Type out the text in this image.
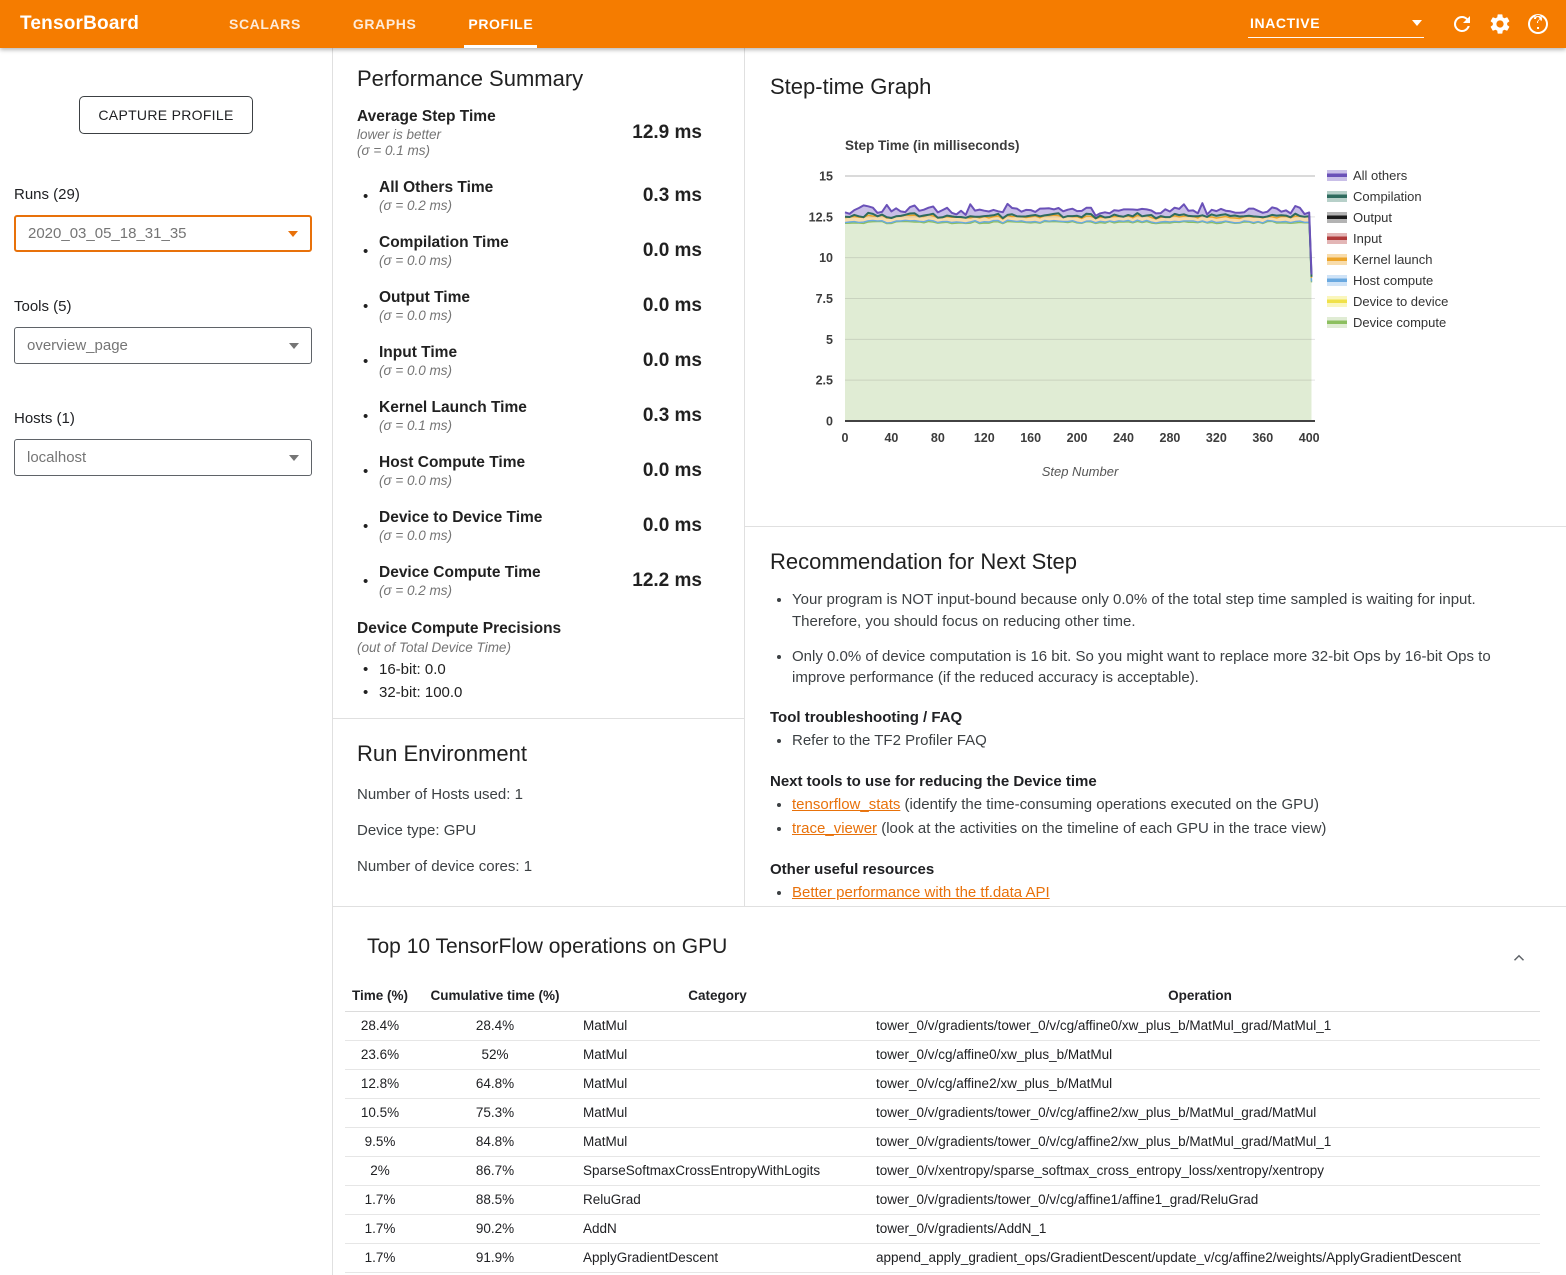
TensorBoard	SCALARS	GRAPHS	PROFILE	INACTIVE
CAPTURE PROFILE
Runs (29)
2020_03_05_18_31_35
Tools (5)
overview_page
Hosts (1)
localhost
Performance Summary
Average Step Time
lower is better
(σ = 0.1 ms)
12.9 ms
• All Others Time
(σ = 0.2 ms)	0.3 ms
• Compilation Time
(σ = 0.0 ms)	0.0 ms
• Output Time
(σ = 0.0 ms)	0.0 ms
• Input Time
(σ = 0.0 ms)	0.0 ms
• Kernel Launch Time
(σ = 0.1 ms)	0.3 ms
• Host Compute Time
(σ = 0.0 ms)	0.0 ms
• Device to Device Time
(σ = 0.0 ms)	0.0 ms
• Device Compute Time
(σ = 0.2 ms)	12.2 ms
Device Compute Precisions
(out of Total Device Time)
• 16-bit: 0.0
• 32-bit: 100.0
Run Environment
Number of Hosts used: 1
Device type: GPU
Number of device cores: 1
Step-time Graph
Step Time (in milliseconds)
0
2.5
5
7.5
10
12.5
15
0	40	80 120 160 200 240 280 320 360 400
Step Number
All others
Compilation
Output
Input
Kernel launch
Host compute
Device to device
Device compute
Recommendation for Next Step
• Your program is NOT input-bound because only 0.0% of the total step time sampled is waiting for input. Therefore, you should focus on reducing other time.
• Only 0.0% of device computation is 16 bit. So you might want to replace more 32-bit Ops by 16-bit Ops to improve performance (if the reduced accuracy is acceptable).
Tool troubleshooting / FAQ
• Refer to the TF2 Profiler FAQ
Next tools to use for reducing the Device time
• tensorflow_stats (identify the time-consuming operations executed on the GPU)
• trace_viewer (look at the activities on the timeline of each GPU in the trace view)
Other useful resources
• Better performance with the tf.data API
Top 10 TensorFlow operations on GPU
Time (%)	Cumulative time (%)	Category	Operation
28.4%	28.4%	MatMul	tower_0/v/gradients/tower_0/v/cg/affine0/xw_plus_b/MatMul_grad/MatMul_1
23.6%	52%	MatMul	tower_0/v/cg/affine0/xw_plus_b/MatMul
12.8%	64.8%	MatMul	tower_0/v/cg/affine2/xw_plus_b/MatMul
10.5%	75.3%	MatMul	tower_0/v/gradients/tower_0/v/cg/affine2/xw_plus_b/MatMul_grad/MatMul
9.5%	84.8%	MatMul	tower_0/v/gradients/tower_0/v/cg/affine2/xw_plus_b/MatMul_grad/MatMul_1
2%	86.7%	SparseSoftmaxCrossEntropyWithLogits	tower_0/v/xentropy/sparse_softmax_cross_entropy_loss/xentropy/xentropy
1.7%	88.5%	ReluGrad	tower_0/v/gradients/tower_0/v/cg/affine1/affine1_grad/ReluGrad
1.7%	90.2%	AddN	tower_0/v/gradients/AddN_1
1.7%	91.9%	ApplyGradientDescent	append_apply_gradient_ops/GradientDescent/update_v/cg/affine2/weights/ApplyGradientDescent
